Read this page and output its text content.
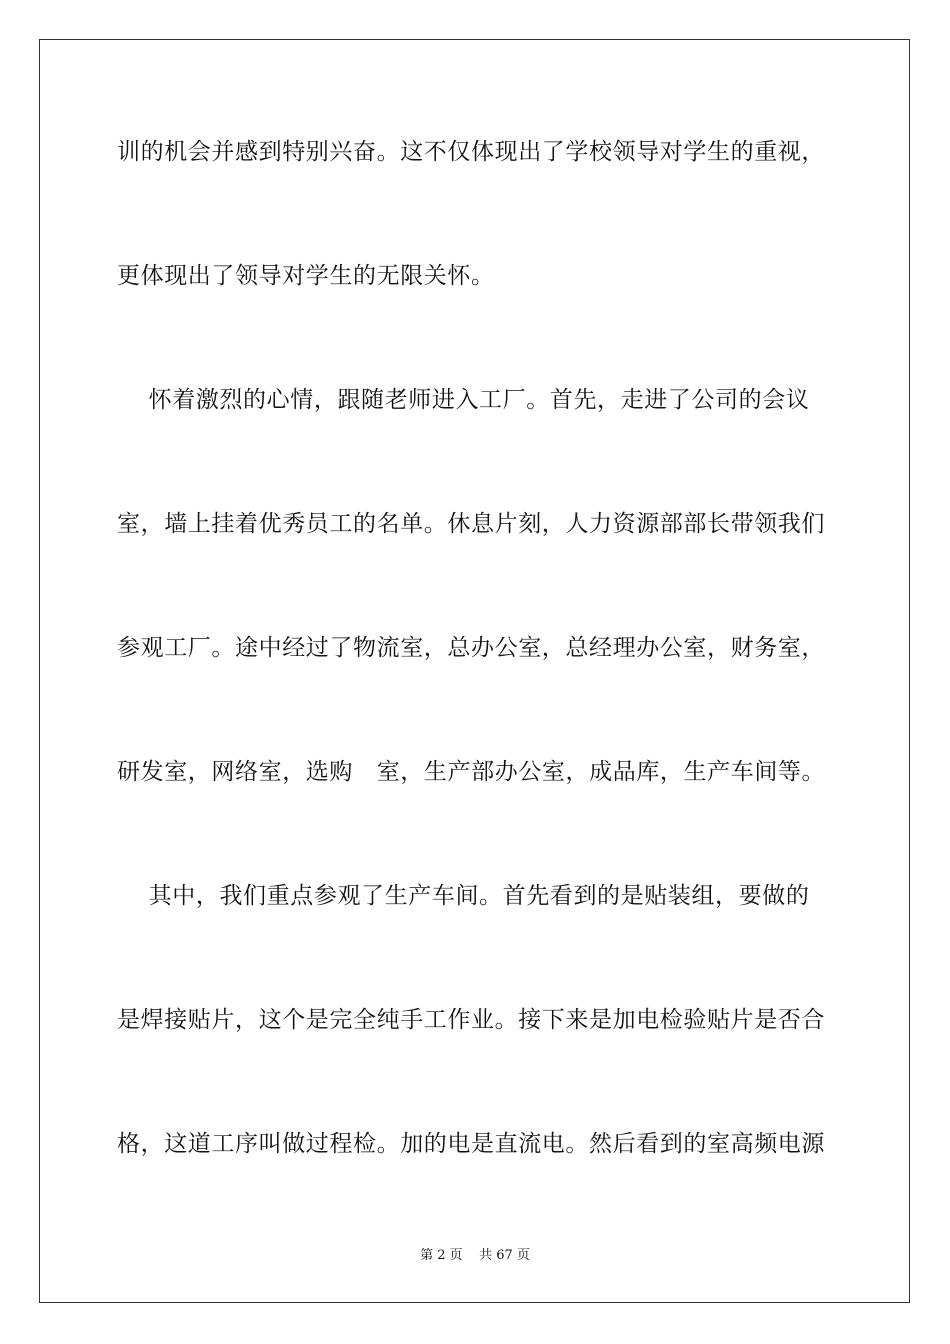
训的机会并感到特别兴奋。这不仅体现出了学校领导对学生的重视，
更体现出了领导对学生的无限关怀。
怀着激烈的心情，跟随老师进入工厂。首先，走进了公司的会议
室，墙上挂着优秀员工的名单。休息片刻，人力资源部部长带领我们
参观工厂。途中经过了物流室，总办公室，总经理办公室，财务室，
研发室，网络室，选购   室，生产部办公室，成品库，生产车间等。
其中，我们重点参观了生产车间。首先看到的是贴装组，要做的
是焊接贴片，这个是完全纯手工作业。接下来是加电检验贴片是否合
格，这道工序叫做过程检。加的电是直流电。然后看到的室高频电源
第 2 页    共 67 页
